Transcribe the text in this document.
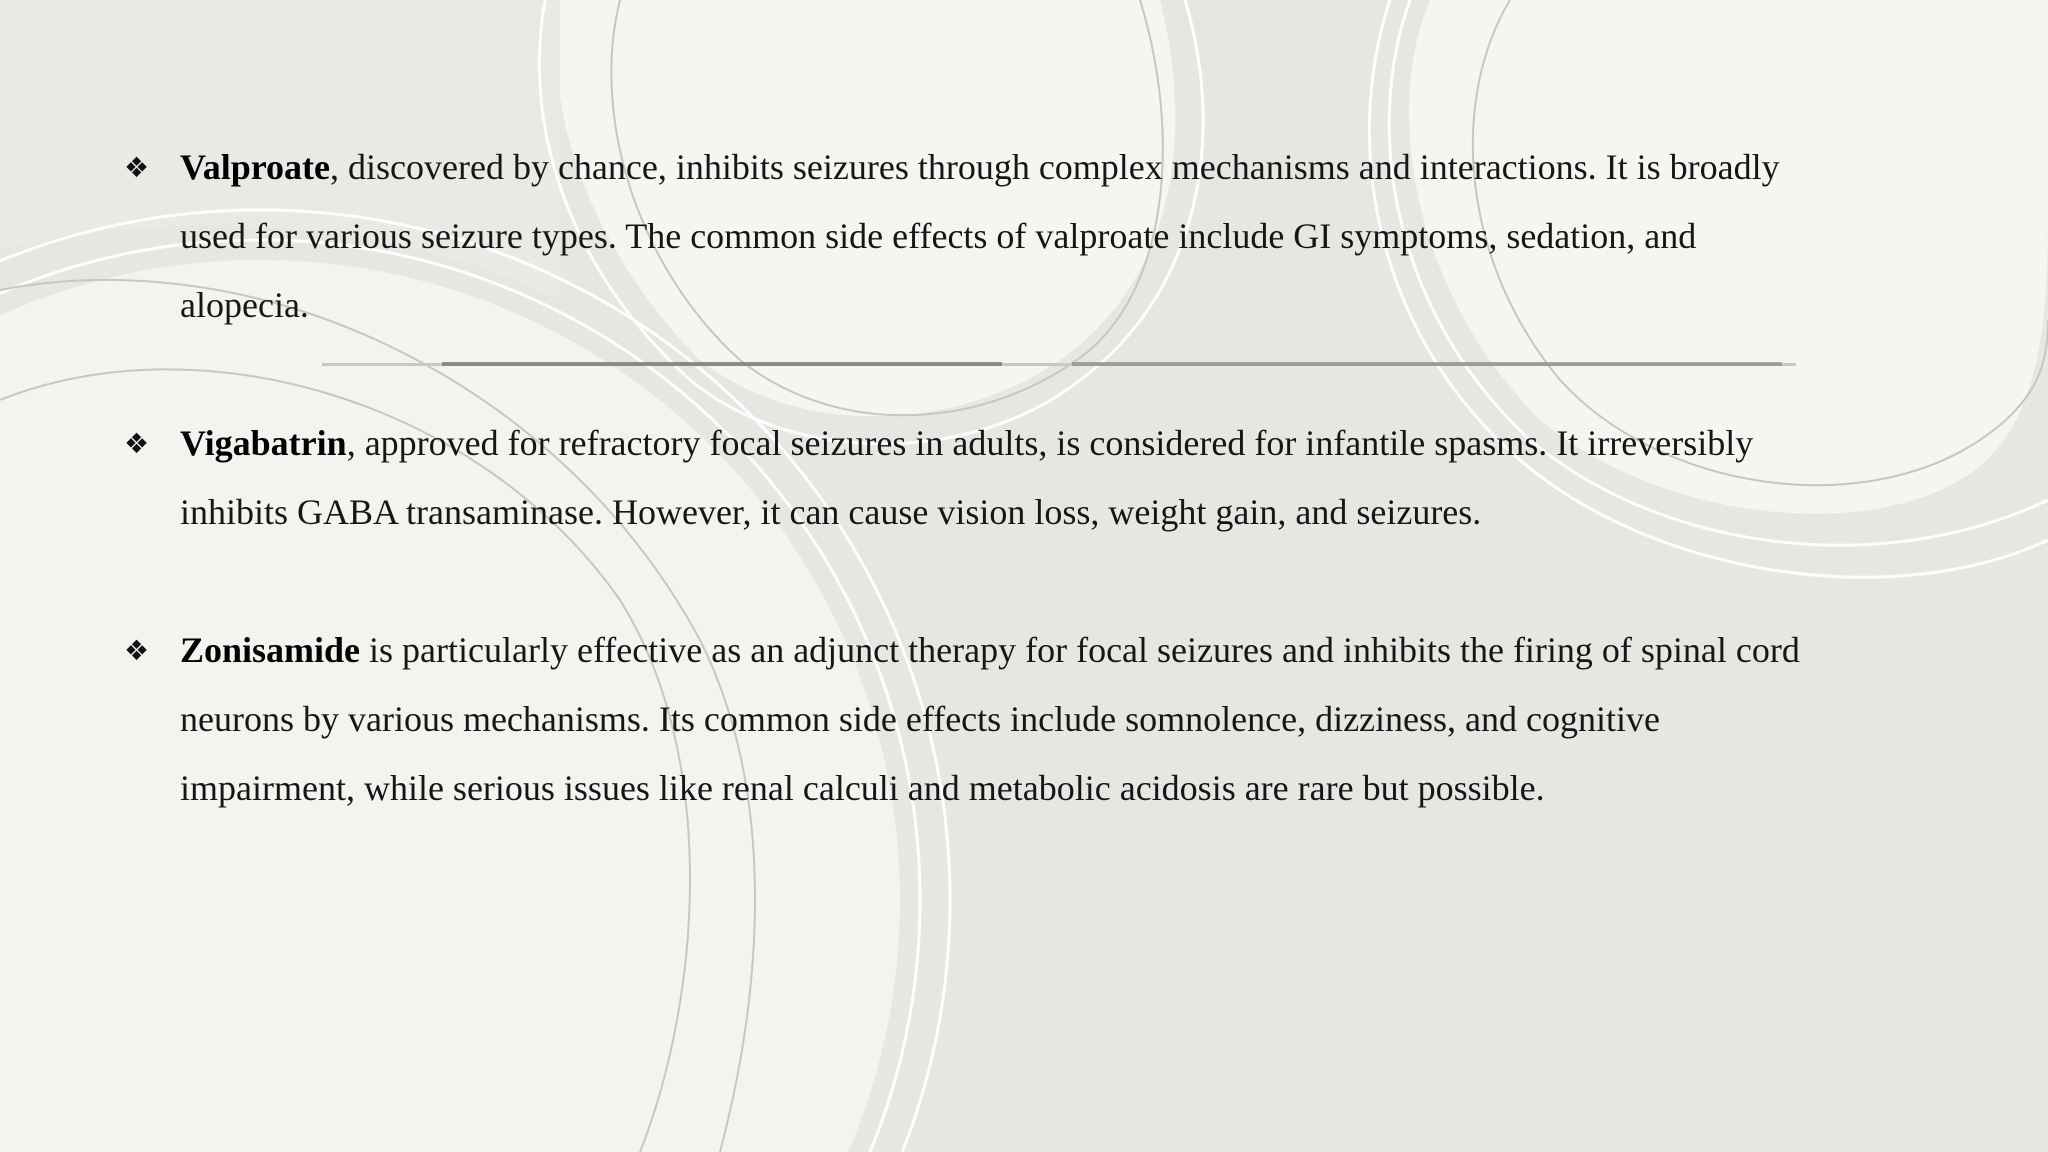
❖ Valproate, discovered by chance, inhibits seizures through complex mechanisms and interactions. It is broadly used for various seizure types. The common side effects of valproate include GI symptoms, sedation, and alopecia.
❖ Vigabatrin, approved for refractory focal seizures in adults, is considered for infantile spasms. It irreversibly inhibits GABA transaminase. However, it can cause vision loss, weight gain, and seizures.
❖ Zonisamide is particularly effective as an adjunct therapy for focal seizures and inhibits the firing of spinal cord neurons by various mechanisms. Its common side effects include somnolence, dizziness, and cognitive impairment, while serious issues like renal calculi and metabolic acidosis are rare but possible.
